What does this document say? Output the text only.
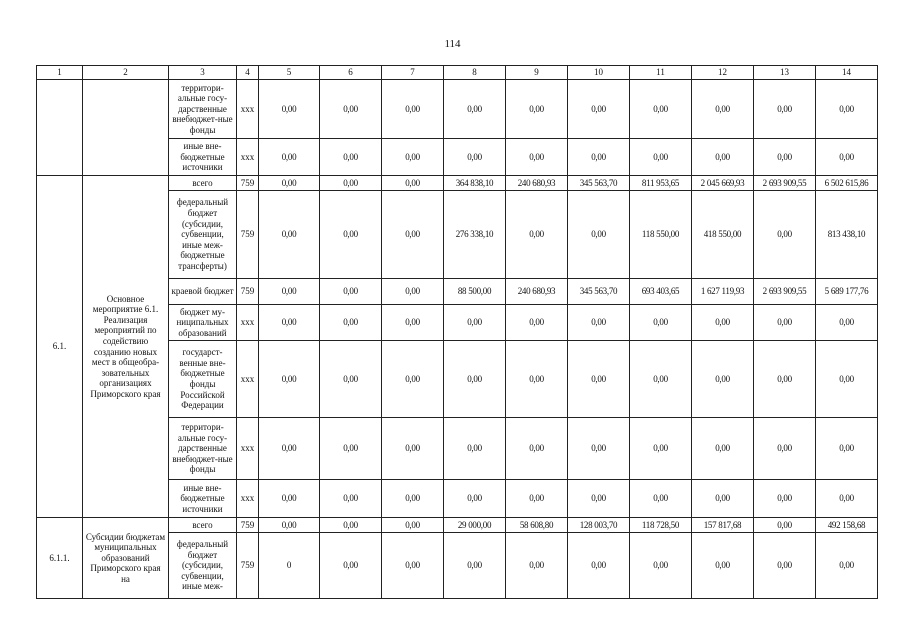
114
1	2	3	4	5	6	7	8	9	10	11	12	13	14
		территори-альные госу-дарственные внебюджет-ные фонды	ххх	0,00	0,00	0,00	0,00	0,00	0,00	0,00	0,00	0,00	0,00
		иные вне-бюджетные источники	ххх	0,00	0,00	0,00	0,00	0,00	0,00	0,00	0,00	0,00	0,00
6.1.	Основное мероприятие 6.1. Реализация мероприятий по содействию созданию новых мест в общеобра-зовательных организациях Приморского края	всего	759	0,00	0,00	0,00	364 838,10	240 680,93	345 563,70	811 953,65	2 045 669,93	2 693 909,55	6 502 615,86
		федеральный бюджет (субсидии, субвенции, иные меж-бюджетные трансферты)	759	0,00	0,00	0,00	276 338,10	0,00	0,00	118 550,00	418 550,00	0,00	813 438,10
		краевой бюджет	759	0,00	0,00	0,00	88 500,00	240 680,93	345 563,70	693 403,65	1 627 119,93	2 693 909,55	5 689 177,76
		бюджет му-ниципальных образований	ххх	0,00	0,00	0,00	0,00	0,00	0,00	0,00	0,00	0,00	0,00
		государст-венные вне-бюджетные фонды Российской Федерации	ххх	0,00	0,00	0,00	0,00	0,00	0,00	0,00	0,00	0,00	0,00
		территори-альные госу-дарственные внебюджет-ные фонды	ххх	0,00	0,00	0,00	0,00	0,00	0,00	0,00	0,00	0,00	0,00
		иные вне-бюджетные источники	ххх	0,00	0,00	0,00	0,00	0,00	0,00	0,00	0,00	0,00	0,00
6.1.1.	Субсидии бюджетам муниципальных образований Приморского края на	всего	759	0,00	0,00	0,00	29 000,00	58 608,80	128 003,70	118 728,50	157 817,68	0,00	492 158,68
		федеральный бюджет (субсидии, субвенции, иные меж-	759	0	0,00	0,00	0,00	0,00	0,00	0,00	0,00	0,00	0,00
